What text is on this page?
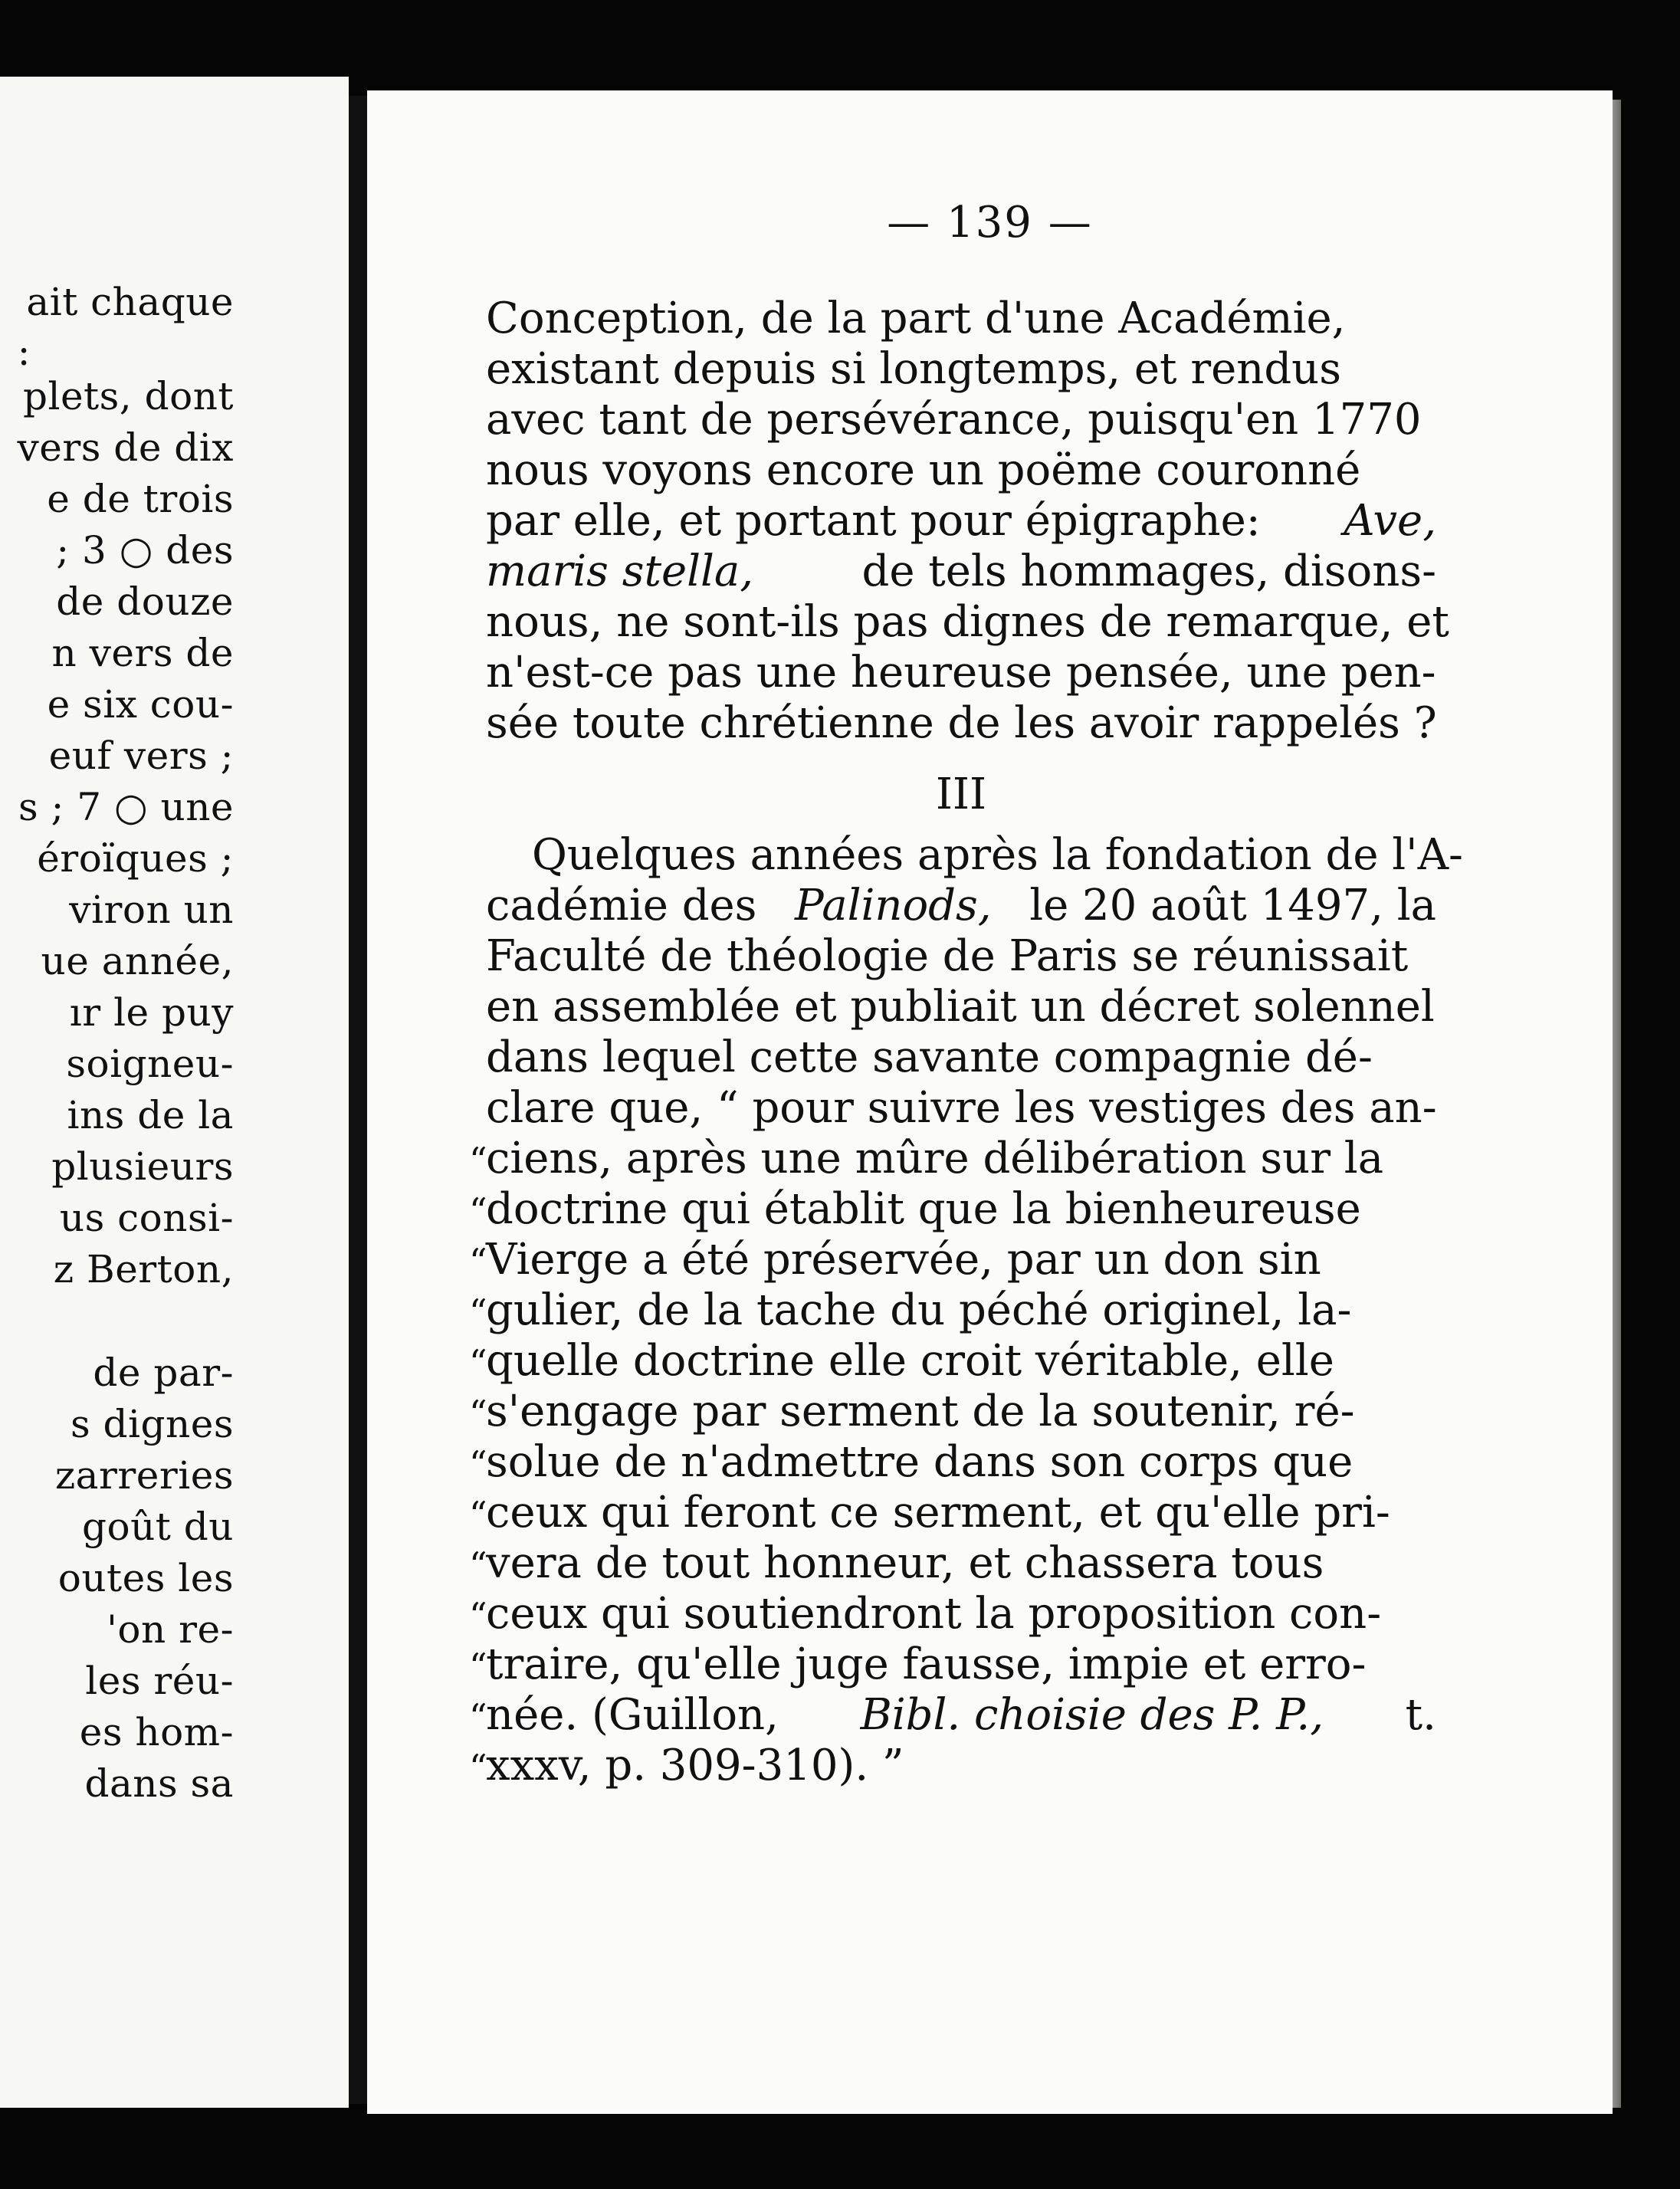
ait chaque
:
plets, dont
vers de dix
e de trois
; 3 ○ des
de douze
n vers de
e six cou-
euf vers ;
s ; 7 ○ une
éroïques ;
viron un
ue année,
ır le puy
soigneu-
ins de la
plusieurs
us consi-
z Berton,
de par-
s dignes
zarreries
goût du
outes les
'on re-
les réu-
es hom-
dans sa
— 139 —
Conception, de la part d'une Académie,
existant depuis si longtemps, et rendus
avec tant de persévérance, puisqu'en 1770
nous voyons encore un poëme couronné
par elle, et portant pour épigraphe: Ave,
maris stella,	de tels hommages, disons-
nous, ne sont-ils pas dignes de remarque, et
n'est-ce pas une heureuse pensée, une pen-
sée toute chrétienne de les avoir rappelés ?
III
Quelques années après la fondation de l'A-
cadémie des Palinods, le 20 août 1497, la
Faculté de théologie de Paris se réunissait
en assemblée et publiait un décret solennel
dans lequel cette savante compagnie dé-
clare que, “ pour suivre les vestiges des an-
“
ciens, après une mûre délibération sur la
“
doctrine qui établit que la bienheureuse
“
Vierge a été préservée, par un don sin
“
gulier, de la tache du péché originel, la-
“
quelle doctrine elle croit véritable, elle
“
s'engage par serment de la soutenir, ré-
“
solue de n'admettre dans son corps que
“
ceux qui feront ce serment, et qu'elle pri-
“
vera de tout honneur, et chassera tous
“
ceux qui soutiendront la proposition con-
“
traire, qu'elle juge fausse, impie et erro-
“
née. (Guillon, Bibl. choisie des P. P., t.
“
xxxv, p. 309-310). ”
